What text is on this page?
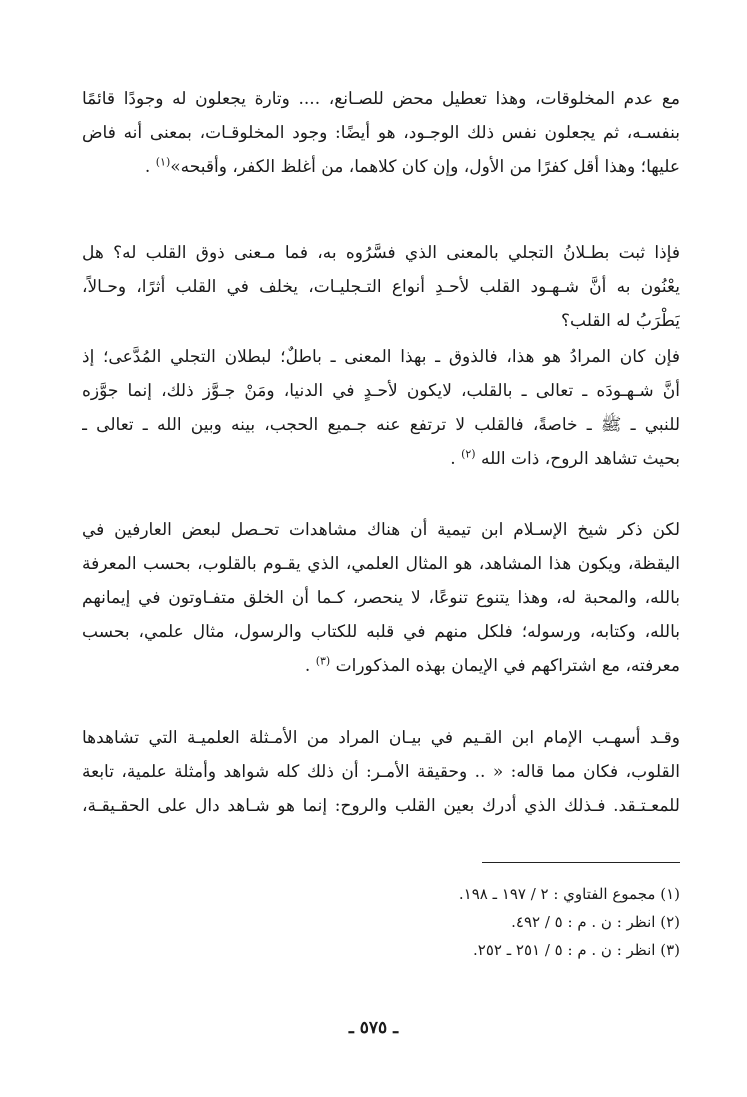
مع عدم المخلوقات، وهذا تعطيل محض للصـانع، .... وتارة يجعلون له وجودًا قائمًا
بنفسـه، ثم يجعلون نفس ذلك الوجـود، هو أيضًا: وجود المخلوقـات، بمعنى أنه فاض
عليها؛ وهذا أقل كفرًا من الأول، وإن كان كلاهما، من أغلظ الكفر، وأقبحه»$^{(١)}$ .
فإذا ثبت بطـلانُ التجلي بالمعنى الذي فسَّرُوه به، فما مـعنى ذوق القلب له؟ هل
يعْنُون به أنَّ شـهـود القلب لأحـدِ أنواع التـجليـات، يخلف في القلب أثرًا، وحـالاً،
يَطْرَبُ له القلب؟
فإن كان المرادُ هو هذا، فالذوق ـ بهذا المعنى ـ باطلٌ؛ لبطلان التجلي المُدَّعى؛ إذ
أنَّ شـهـودَه ـ تعالى ـ بالقلب، لايكون لأحـدٍ في الدنيا، ومَنْ جـوَّز ذلك، إنما جوَّزه
للنبي ـ ﷺ ـ خاصةً، فالقلب لا ترتفع عنه جـميع الحجب، بينه وبين الله ـ تعالى ـ
بحيث تشاهد الروح، ذات الله $^{(٢)}$ .
لكن ذكر شيخ الإسـلام ابن تيمية أن هناك مشاهدات تحـصل لبعض العارفين في
اليقظة، ويكون هذا المشاهد، هو المثال العلمي، الذي يقـوم بالقلوب، بحسب المعرفة
بالله، والمحبة له، وهذا يتنوع تنوعًا، لا ينحصر، كـما أن الخلق متفـاوتون في إيمانهم
بالله، وكتابه، ورسوله؛ فلكل منهم في قلبه للكتاب والرسول، مثال علمي، بحسب
معرفته، مع اشتراكهم في الإيمان بهذه المذكورات $^{(٣)}$ .
وقـد أسهـب الإمام ابن القـيم في بيـان المراد من الأمـثلة العلميـة التي تشاهدها
القلوب، فكان مما قاله: « .. وحقيقة الأمـر: أن ذلك كله شواهد وأمثلة علمية، تابعة
للمعـتـقد. فـذلك الذي أدرك بعين القلب والروح: إنما هو شـاهد دال على الحقـيقـة،
(١) مجموع الفتاوي : ٢ / ١٩٧ ـ ١٩٨.
(٢) انظر : ن . م : ٥ / ٤٩٢.
(٣) انظر : ن . م : ٥ / ٢٥١ ـ ٢٥٢.
ـ ٥٧٥ ـ
